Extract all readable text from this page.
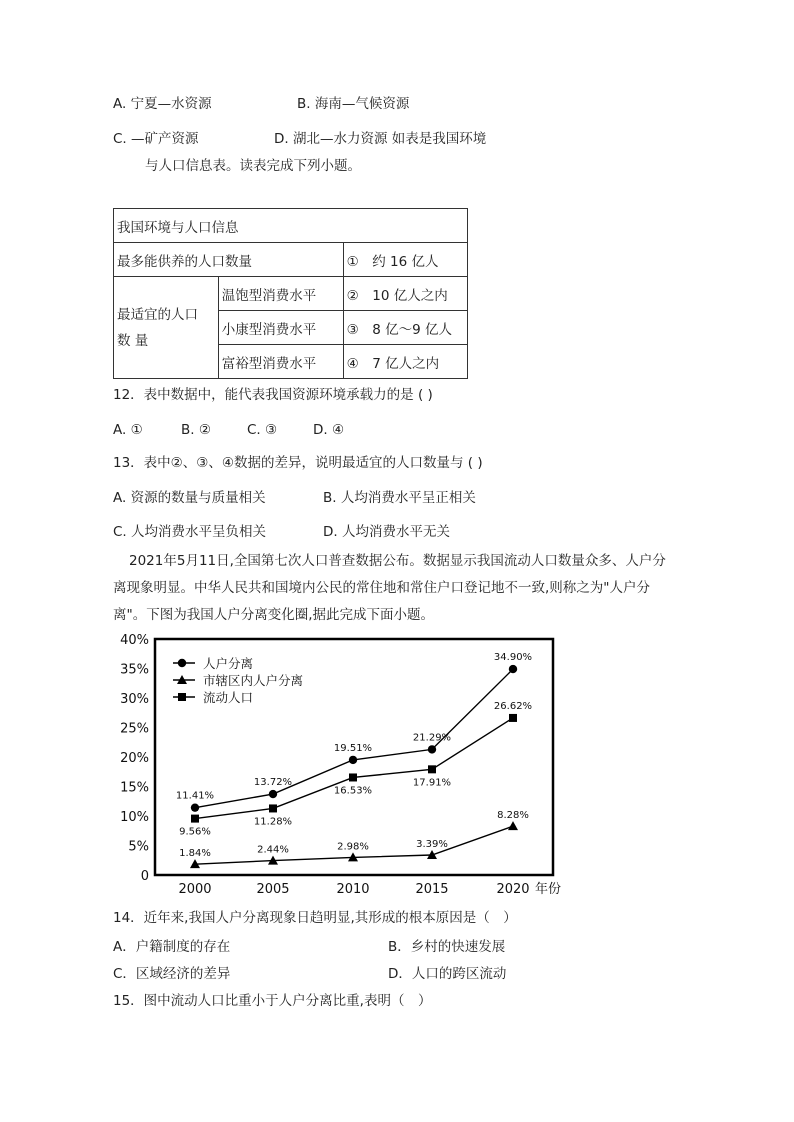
A. 宁夏—水资源	B. 海南—气候资源
C. —矿产资源	D. 湖北—水力资源 如表是我国环境
与人口信息表。读表完成下列小题。
我国环境与人口信息		
最多能供养的人口数量		①　约 16 亿人
最适宜的人口
数 量	温饱型消费水平	②　10 亿人之内
	小康型消费水平	③　8 亿～9 亿人
	富裕型消费水平	④　7 亿人之内
12．表中数据中，能代表我国资源环境承载力的是 ( )
A. ①	B. ②	C. ③	D. ④
13．表中②、③、④数据的差异，说明最适宜的人口数量与 ( )
A. 资源的数量与质量相关	B. 人均消费水平呈正相关
C. 人均消费水平呈负相关	D. 人均消费水平无关
2021年5月11日,全国第七次人口普查数据公布。数据显示我国流动人口数量众多、人户分
离现象明显。中华人民共和国境内公民的常住地和常住户口登记地不一致,则称之为"人户分
离"。下图为我国人户分离变化圈,据此完成下面小题。
0
5%
10%
15%
20%
25%
30%
35%
40%
2000	2005	2010	2015	2020 年份
11.41%
13.72%
19.51%
21.29%
34.90%
1.84%	2.44%	2.98%	3.39%
8.28%
9.56%
11.28%
16.53%
17.91%
26.62%
人户分离
市辖区内人户分离
流动人口
14．近年来,我国人户分离现象日趋明显,其形成的根本原因是（　）
A．户籍制度的存在	B．乡村的快速发展
C．区域经济的差异	D．人口的跨区流动
15．图中流动人口比重小于人户分离比重,表明（　）
